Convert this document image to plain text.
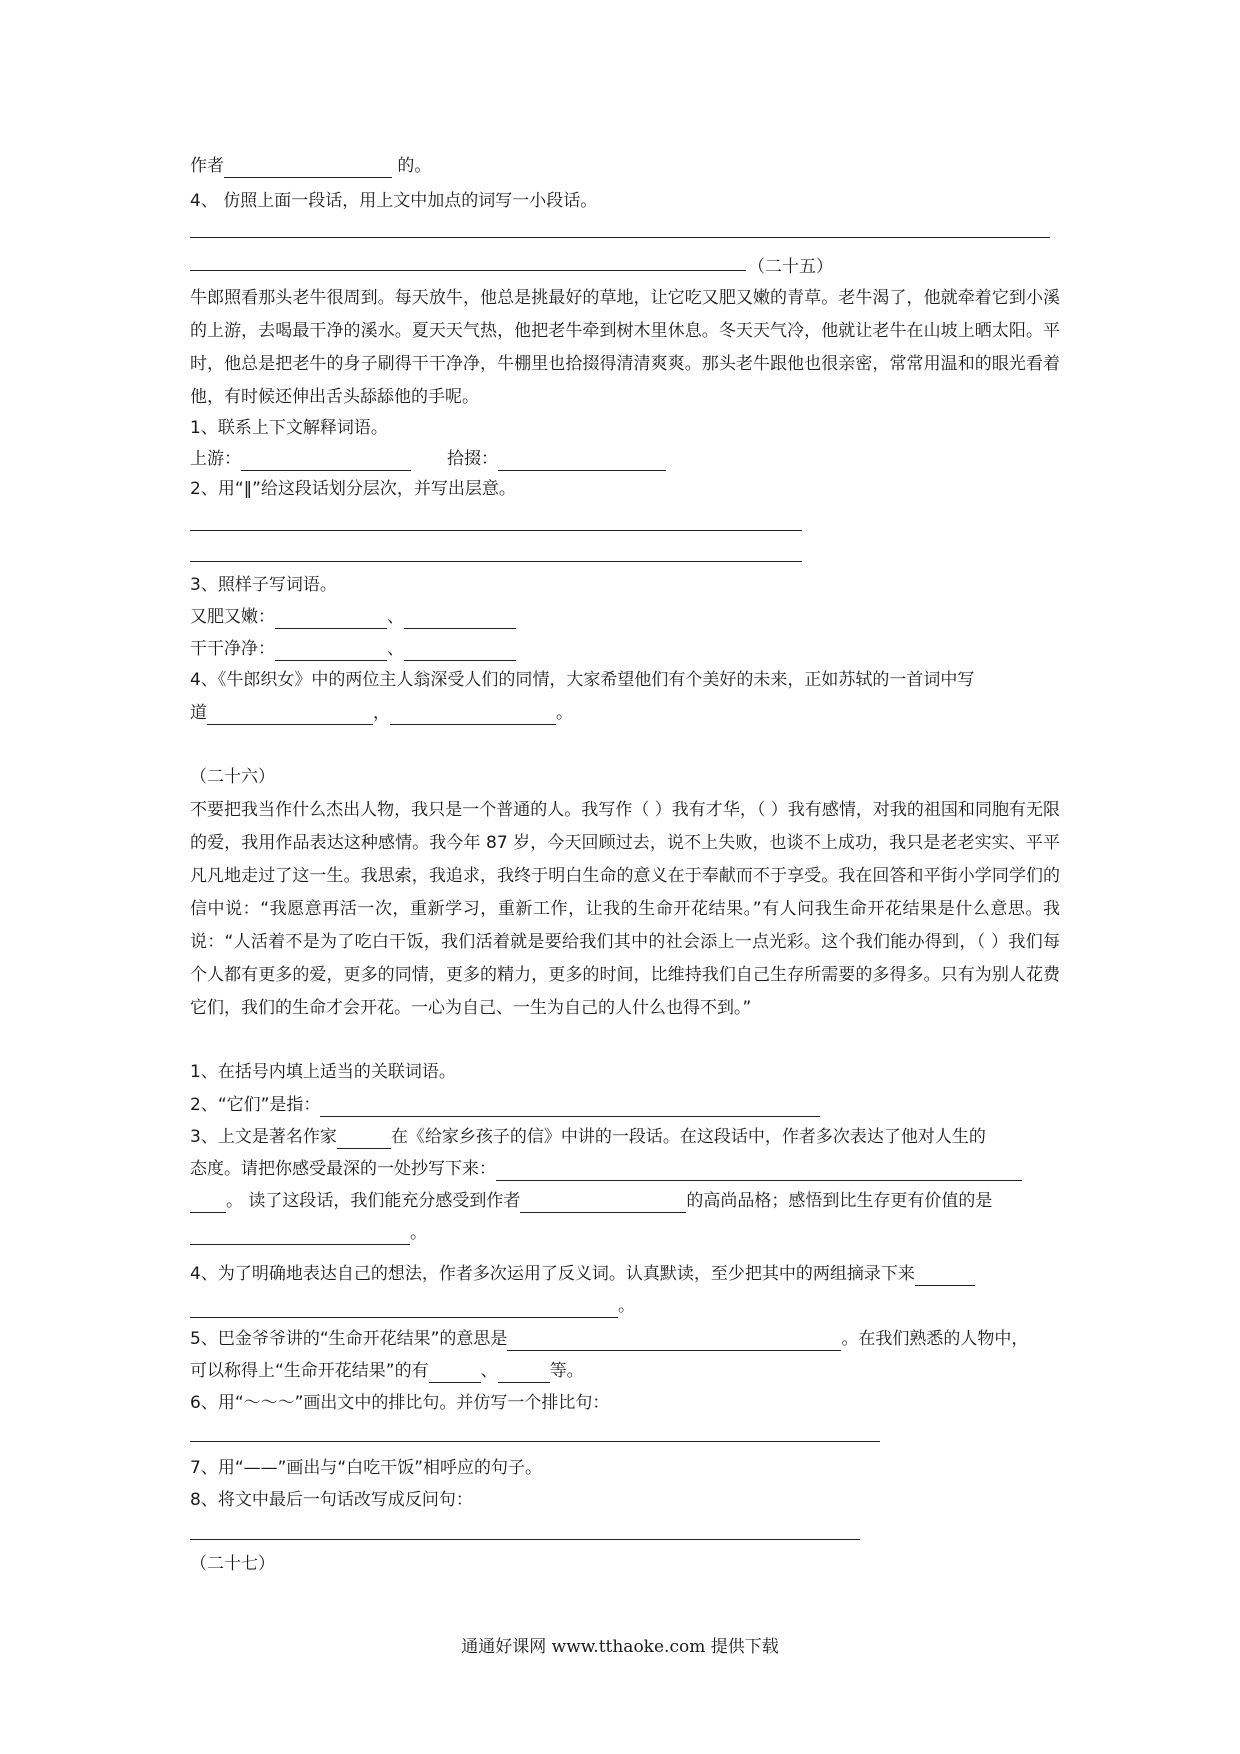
作者	的。
4、 仿照上面一段话，用上文中加点的词写一小段话。
（二十五）
牛郎照看那头老牛很周到。每天放牛，他总是挑最好的草地，让它吃又肥又嫩的青草。老牛渴了，他就牵着它到小溪的上游，去喝最干净的溪水。夏天天气热，他把老牛牵到树木里休息。冬天天气冷，他就让老牛在山坡上晒太阳。平时，他总是把老牛的身子刷得干干净净，牛棚里也拾掇得清清爽爽。那头老牛跟他也很亲密，常常用温和的眼光看着他，有时候还伸出舌头舔舔他的手呢。
1、联系上下文解释词语。
上游：	拾掇：
2、用“‖”给这段话划分层次，并写出层意。
3、照样子写词语。
又肥又嫩：	、
干干净净：	、
4、《牛郎织女》中的两位主人翁深受人们的同情，大家希望他们有个美好的未来，正如苏轼的一首词中写
道	，	。
（二十六）
不要把我当作什么杰出人物，我只是一个普通的人。我写作（ ）我有才华，（ ）我有感情，对我的祖国和同胞有无限的爱，我用作品表达这种感情。我今年 87 岁，今天回顾过去，说不上失败，也谈不上成功，我只是老老实实、平平凡凡地走过了这一生。我思索，我追求，我终于明白生命的意义在于奉献而不于享受。我在回答和平街小学同学们的信中说：“我愿意再活一次，重新学习，重新工作，让我的生命开花结果。”有人问我生命开花结果是什么意思。我说：“人活着不是为了吃白干饭，我们活着就是要给我们其中的社会添上一点光彩。这个我们能办得到，（ ）我们每个人都有更多的爱，更多的同情，更多的精力，更多的时间，比维持我们自己生存所需要的多得多。只有为别人花费它们，我们的生命才会开花。一心为自己、一生为自己的人什么也得不到。”
1、在括号内填上适当的关联词语。
2、“它们”是指：
3、上文是著名作家	在《给家乡孩子的信》中讲的一段话。在这段话中，作者多次表达了他对人生的
态度。请把你感受最深的一处抄写下来：
。 读了这段话，我们能充分感受到作者	的高尚品格；感悟到比生存更有价值的是
。
4、为了明确地表达自己的想法，作者多次运用了反义词。认真默读，至少把其中的两组摘录下来
。
5、巴金爷爷讲的“生命开花结果”的意思是	。在我们熟悉的人物中，
可以称得上“生命开花结果”的有	、	等。
6、用“～～～”画出文中的排比句。并仿写一个排比句：
7、用“——”画出与“白吃干饭”相呼应的句子。
8、将文中最后一句话改写成反问句：
（二十七）
通通好课网 www.tthaoke.com 提供下载
